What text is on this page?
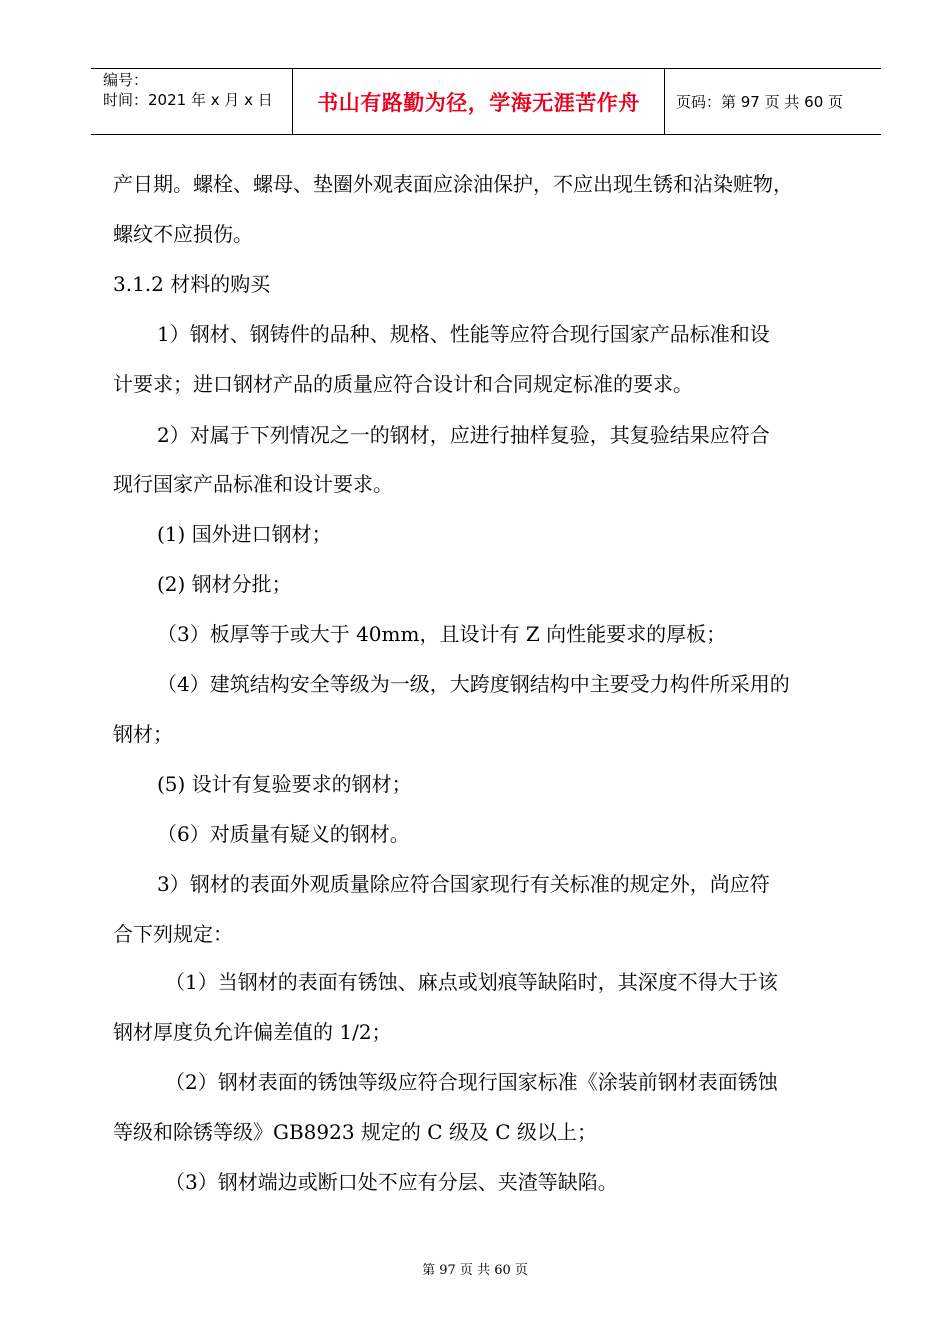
编号：
时间：2021 年 x 月 x 日 书山有路勤为径，学海无涯苦作舟 页码：第 97 页 共 60 页
产日期。螺栓、螺母、垫圈外观表面应涂油保护，不应出现生锈和沾染赃物，
螺纹不应损伤。
3.1.2 材料的购买
1）钢材、钢铸件的品种、规格、性能等应符合现行国家产品标准和设
计要求；进口钢材产品的质量应符合设计和合同规定标准的要求。
2）对属于下列情况之一的钢材，应进行抽样复验，其复验结果应符合
现行国家产品标准和设计要求。
(1) 国外进口钢材；
(2) 钢材分批；
（3）板厚等于或大于 40mm，且设计有 Z 向性能要求的厚板；
（4）建筑结构安全等级为一级，大跨度钢结构中主要受力构件所采用的
钢材；
(5) 设计有复验要求的钢材；
（6）对质量有疑义的钢材。
3）钢材的表面外观质量除应符合国家现行有关标准的规定外，尚应符
合下列规定：
（1）当钢材的表面有锈蚀、麻点或划痕等缺陷时，其深度不得大于该
钢材厚度负允许偏差值的 1/2；
（2）钢材表面的锈蚀等级应符合现行国家标准《涂装前钢材表面锈蚀
等级和除锈等级》GB8923 规定的 C 级及 C 级以上；
（3）钢材端边或断口处不应有分层、夹渣等缺陷。
第 97 页 共 60 页
